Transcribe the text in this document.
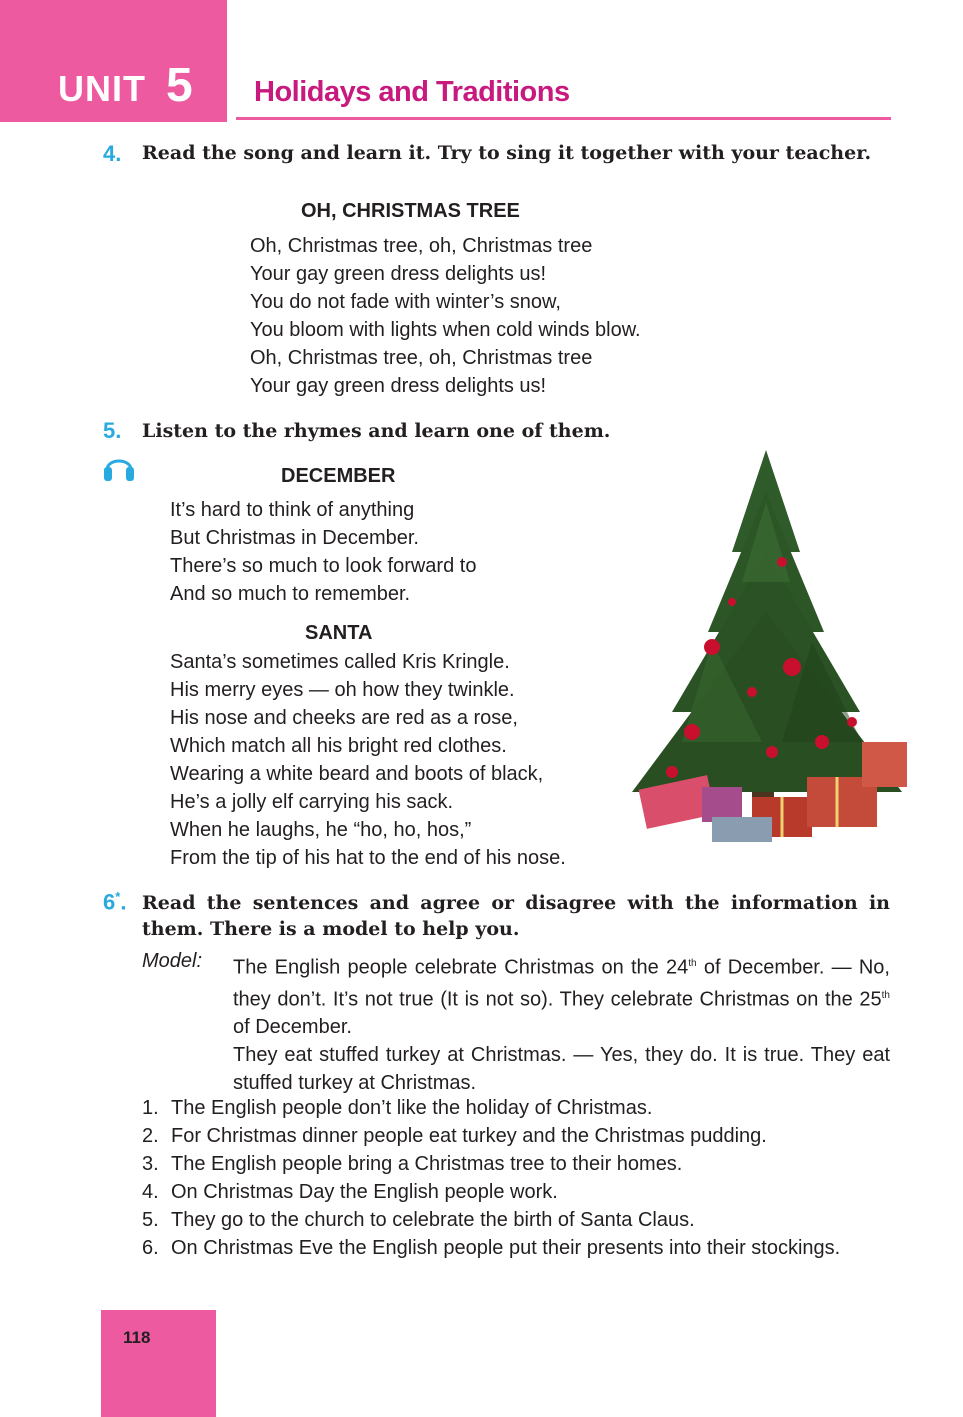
UNIT 5 Holidays and Traditions
4. Read the song and learn it. Try to sing it together with your teacher.
OH, CHRISTMAS TREE
Oh, Christmas tree, oh, Christmas tree
Your gay green dress delights us!
You do not fade with winter’s snow,
You bloom with lights when cold winds blow.
Oh, Christmas tree, oh, Christmas tree
Your gay green dress delights us!
5. Listen to the rhymes and learn one of them.
DECEMBER
It’s hard to think of anything
But Christmas in December.
There’s so much to look forward to
And so much to remember.
SANTA
Santa’s sometimes called Kris Kringle.
His merry eyes — oh how they twinkle.
His nose and cheeks are red as a rose,
Which match all his bright red clothes.
Wearing a white beard and boots of black,
He’s a jolly elf carrying his sack.
When he laughs, he “ho, ho, hos,”
From the tip of his hat to the end of his nose.
6*. Read the sentences and agree or disagree with the information in them. There is a model to help you.
Model: The English people celebrate Christmas on the 24th of December. — No, they don’t. It’s not true (It is not so). They celebrate Christmas on the 25th of December.
They eat stuffed turkey at Christmas. — Yes, they do. It is true. They eat stuffed turkey at Christmas.
1. The English people don’t like the holiday of Christmas.
2. For Christmas dinner people eat turkey and the Christmas pudding.
3. The English people bring a Christmas tree to their homes.
4. On Christmas Day the English people work.
5. They go to the church to celebrate the birth of Santa Claus.
6. On Christmas Eve the English people put their presents into their stockings.
118
